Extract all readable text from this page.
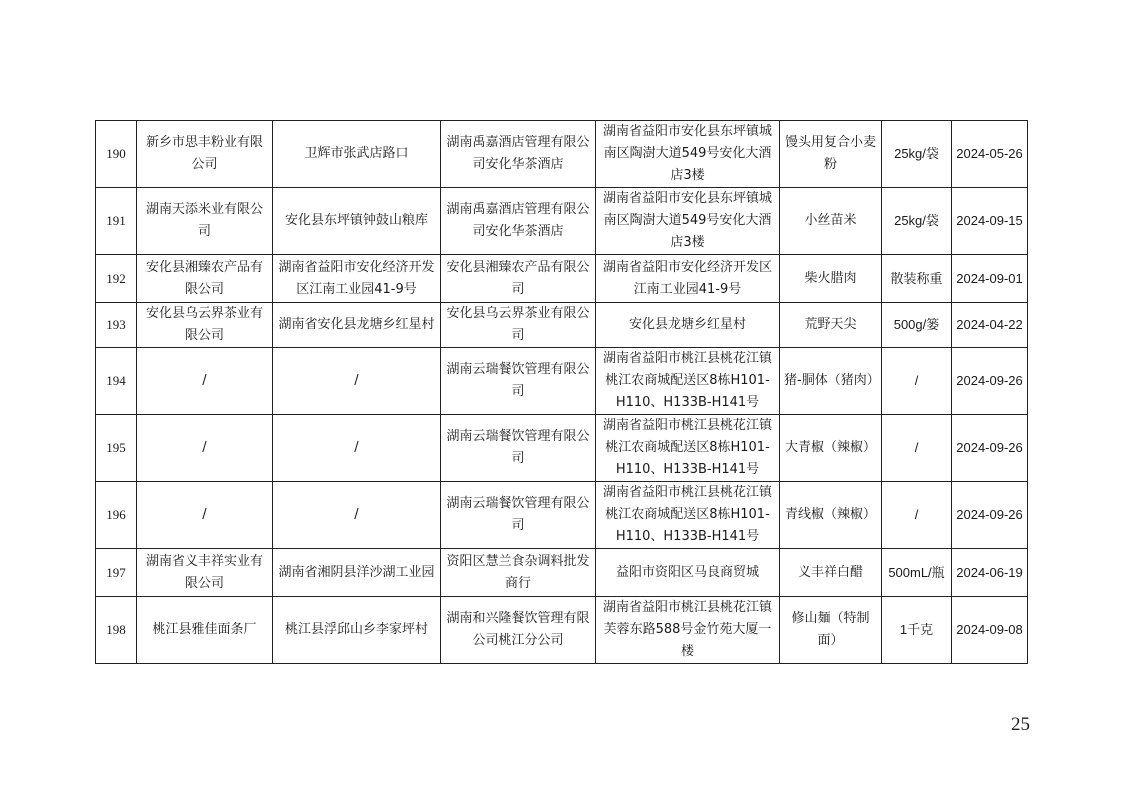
190	新乡市思丰粉业有限公司	卫辉市张武店路口	湖南禹嘉酒店管理有限公司安化华茶酒店	湖南省益阳市安化县东坪镇城南区陶澍大道549号安化大酒店3楼	馒头用复合小麦粉	25kg/袋	2024-05-26
191	湖南天添米业有限公司	安化县东坪镇钟鼓山粮库	湖南禹嘉酒店管理有限公司安化华茶酒店	湖南省益阳市安化县东坪镇城南区陶澍大道549号安化大酒店3楼	小丝苗米	25kg/袋	2024-09-15
192	安化县湘臻农产品有限公司	湖南省益阳市安化经济开发区江南工业园41-9号	安化县湘臻农产品有限公司	湖南省益阳市安化经济开发区江南工业园41-9号	柴火腊肉	散装称重	2024-09-01
193	安化县乌云界茶业有限公司	湖南省安化县龙塘乡红星村	安化县乌云界茶业有限公司	安化县龙塘乡红星村	荒野天尖	500g/篓	2024-04-22
194	/	/	湖南云瑞餐饮管理有限公司	湖南省益阳市桃江县桃花江镇桃江农商城配送区8栋H101-H110、H133B-H141号	猪-胴体（猪肉）	/	2024-09-26
195	/	/	湖南云瑞餐饮管理有限公司	湖南省益阳市桃江县桃花江镇桃江农商城配送区8栋H101-H110、H133B-H141号	大青椒（辣椒）	/	2024-09-26
196	/	/	湖南云瑞餐饮管理有限公司	湖南省益阳市桃江县桃花江镇桃江农商城配送区8栋H101-H110、H133B-H141号	青线椒（辣椒）	/	2024-09-26
197	湖南省义丰祥实业有限公司	湖南省湘阴县洋沙湖工业园	资阳区慧兰食杂调料批发商行	益阳市资阳区马良商贸城	义丰祥白醋	500mL/瓶	2024-06-19
198	桃江县雅佳面条厂	桃江县浮邱山乡李家坪村	湖南和兴隆餐饮管理有限公司桃江分公司	湖南省益阳市桃江县桃花江镇芙蓉东路588号金竹苑大厦一楼	修山麺（特制面）	1千克	2024-09-08
25
